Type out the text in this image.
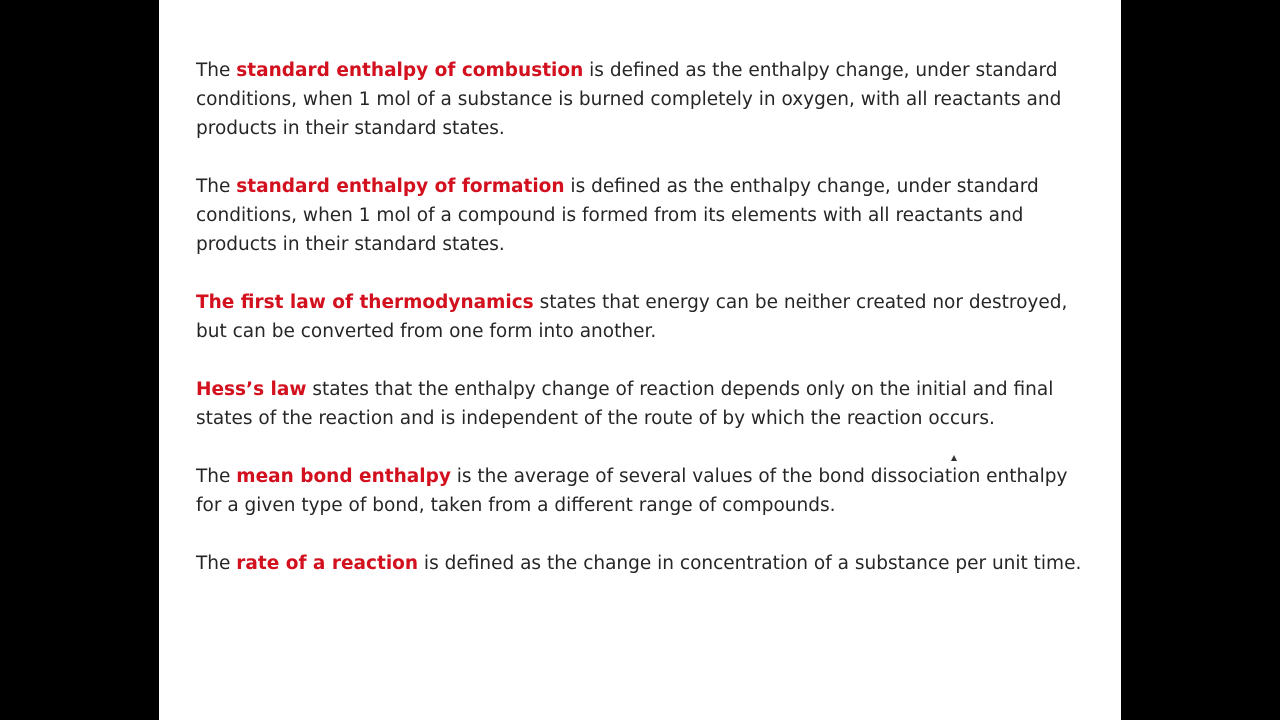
The standard enthalpy of combustion is defined as the enthalpy change, under standard conditions, when 1 mol of a substance is burned completely in oxygen, with all reactants and products in their standard states.

The standard enthalpy of formation is defined as the enthalpy change, under standard conditions, when 1 mol of a compound is formed from its elements with all reactants and products in their standard states.

The first law of thermodynamics states that energy can be neither created nor destroyed, but can be converted from one form into another.

Hess’s law states that the enthalpy change of reaction depends only on the initial and final states of the reaction and is independent of the route of by which the reaction occurs.

The mean bond enthalpy is the average of several values of the bond dissociation enthalpy for a given type of bond, taken from a different range of compounds.

The rate of a reaction is defined as the change in concentration of a substance per unit time.
